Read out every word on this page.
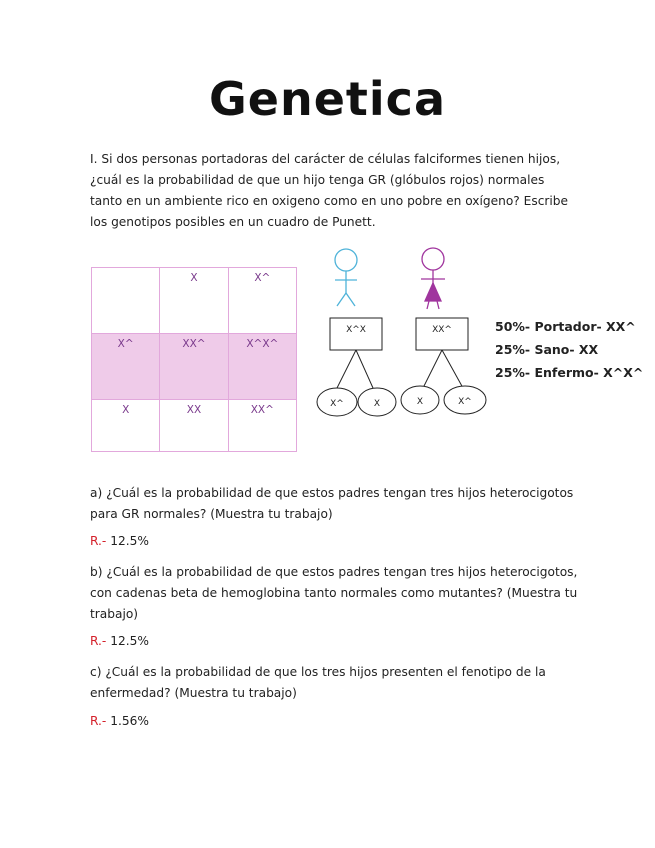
Genetica
I. Si dos personas portadoras del carácter de células falciformes tienen hijos, ¿cuál es la probabilidad de que un hijo tenga GR (glóbulos rojos) normales tanto en un ambiente rico en oxigeno como en uno pobre en oxígeno? Escribe los genotipos posibles en un cuadro de Punett.
	X	X^
X^	XX^	X^X^
X	XX	XX^
X^X	XX^
X^	X	X	X^
50%- Portador- XX^
25%- Sano- XX
25%- Enfermo- X^X^
a) ¿Cuál es la probabilidad de que estos padres tengan tres hijos heterocigotos para GR normales? (Muestra tu trabajo)
R.- 12.5%
b) ¿Cuál es la probabilidad de que estos padres tengan tres hijos heterocigotos, con cadenas beta de hemoglobina tanto normales como mutantes? (Muestra tu trabajo)
R.- 12.5%
c) ¿Cuál es la probabilidad de que los tres hijos presenten el fenotipo de la enfermedad? (Muestra tu trabajo)
R.- 1.56%
